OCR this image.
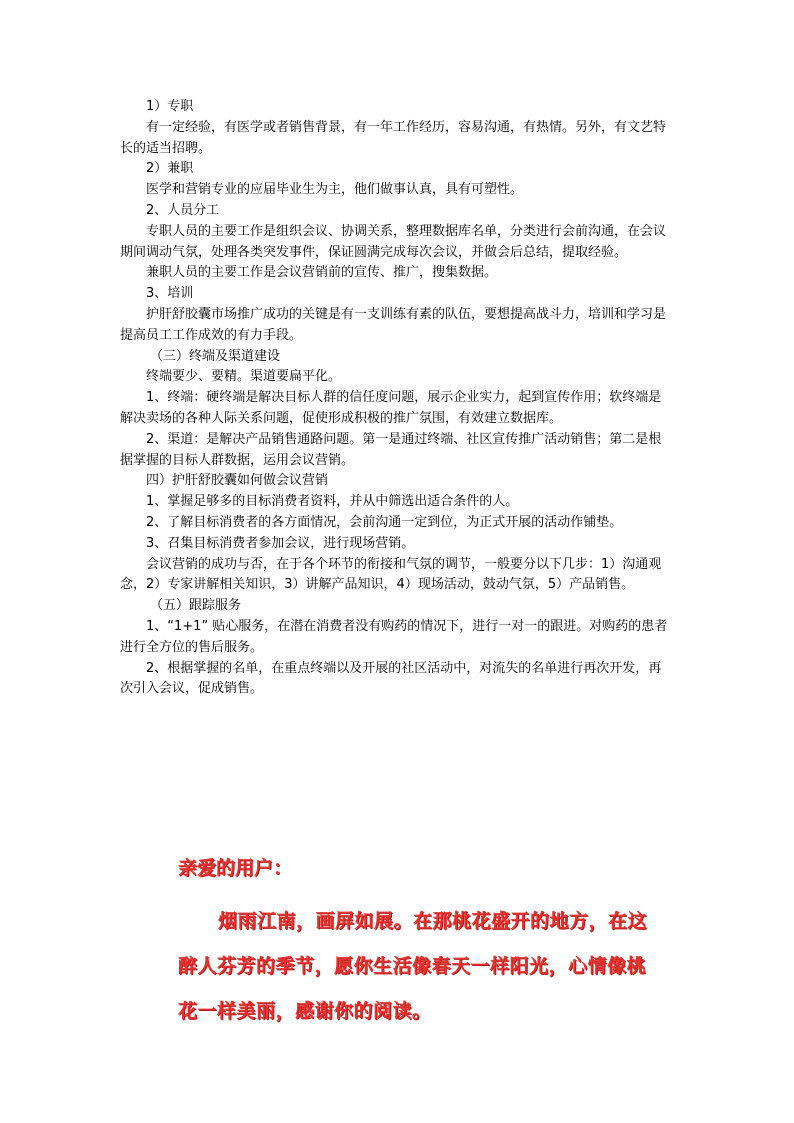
1）专职

有一定经验，有医学或者销售背景，有一年工作经历，容易沟通，有热情。另外，有文艺特长的适当招聘。

2）兼职

医学和营销专业的应届毕业生为主，他们做事认真，具有可塑性。

2、人员分工

专职人员的主要工作是组织会议、协调关系，整理数据库名单，分类进行会前沟通，在会议期间调动气氛，处理各类突发事件，保证圆满完成每次会议，并做会后总结，提取经验。

兼职人员的主要工作是会议营销前的宣传、推广，搜集数据。

3、培训

护肝舒胶囊市场推广成功的关键是有一支训练有素的队伍，要想提高战斗力，培训和学习是提高员工工作成效的有力手段。

（三）终端及渠道建设

终端要少、要精。渠道要扁平化。

1、终端：硬终端是解决目标人群的信任度问题，展示企业实力，起到宣传作用；软终端是解决卖场的各种人际关系问题，促使形成积极的推广氛围，有效建立数据库。

2、渠道：是解决产品销售通路问题。第一是通过终端、社区宣传推广活动销售；第二是根据掌握的目标人群数据，运用会议营销。

四）护肝舒胶囊如何做会议营销

1、掌握足够多的目标消费者资料，并从中筛选出适合条件的人。

2、了解目标消费者的各方面情况，会前沟通一定到位，为正式开展的活动作铺垫。

3、召集目标消费者参加会议，进行现场营销。

会议营销的成功与否，在于各个环节的衔接和气氛的调节，一般要分以下几步：1）沟通观念，2）专家讲解相关知识，3）讲解产品知识，4）现场活动，鼓动气氛，5）产品销售。

（五）跟踪服务

1、“1+1” 贴心服务，在潜在消费者没有购药的情况下，进行一对一的跟进。对购药的患者进行全方位的售后服务。

2、根据掌握的名单，在重点终端以及开展的社区活动中，对流失的名单进行再次开发，再次引入会议，促成销售。

亲爱的用户：

烟雨江南，画屏如展。在那桃花盛开的地方，在这醉人芬芳的季节，愿你生活像春天一样阳光，心情像桃花一样美丽，感谢你的阅读。
